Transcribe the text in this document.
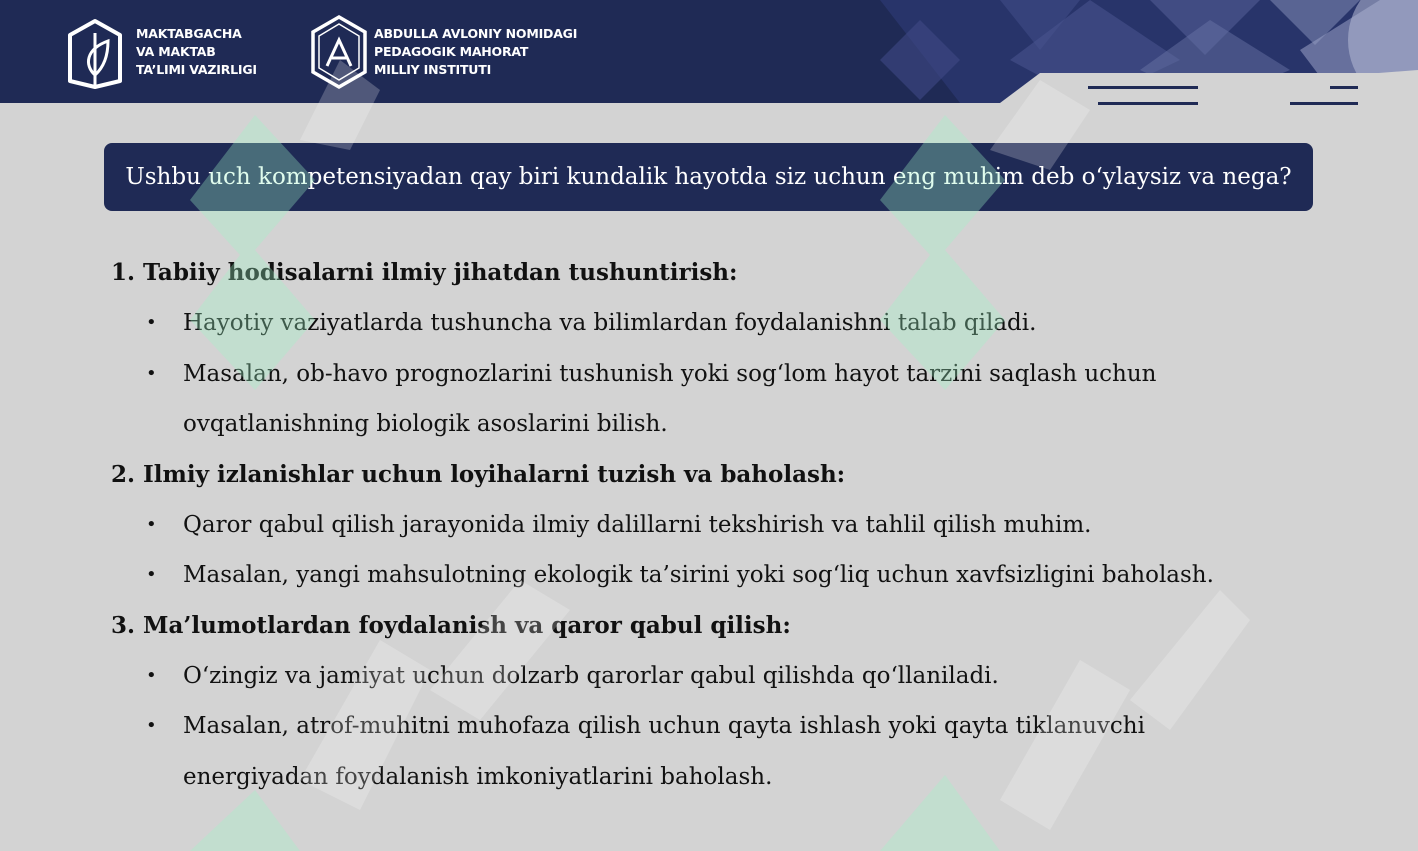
MAKTABGACHA
VA MAKTAB
TA’LIMI VAZIRLIGI
ABDULLA AVLONIY NOMIDAGI
PEDAGOGIK MAHORAT
MILLIY INSTITUTI
Ushbu uch kompetensiyadan qay biri kundalik hayotda siz uchun eng muhim deb o‘ylaysiz va nega?
1. Tabiiy hodisalarni ilmiy jihatdan tushuntirish:
• Hayotiy vaziyatlarda tushuncha va bilimlardan foydalanishni talab qiladi.
• Masalan, ob-havo prognozlarini tushunish yoki sog‘lom hayot tarzini saqlash uchun
ovqatlanishning biologik asoslarini bilish.
2. Ilmiy izlanishlar uchun loyihalarni tuzish va baholash:
• Qaror qabul qilish jarayonida ilmiy dalillarni tekshirish va tahlil qilish muhim.
• Masalan, yangi mahsulotning ekologik ta’sirini yoki sog‘liq uchun xavfsizligini baholash.
3. Ma’lumotlardan foydalanish va qaror qabul qilish:
• O‘zingiz va jamiyat uchun dolzarb qarorlar qabul qilishda qo‘llaniladi.
• Masalan, atrof-muhitni muhofaza qilish uchun qayta ishlash yoki qayta tiklanuvchi
energiyadan foydalanish imkoniyatlarini baholash.
